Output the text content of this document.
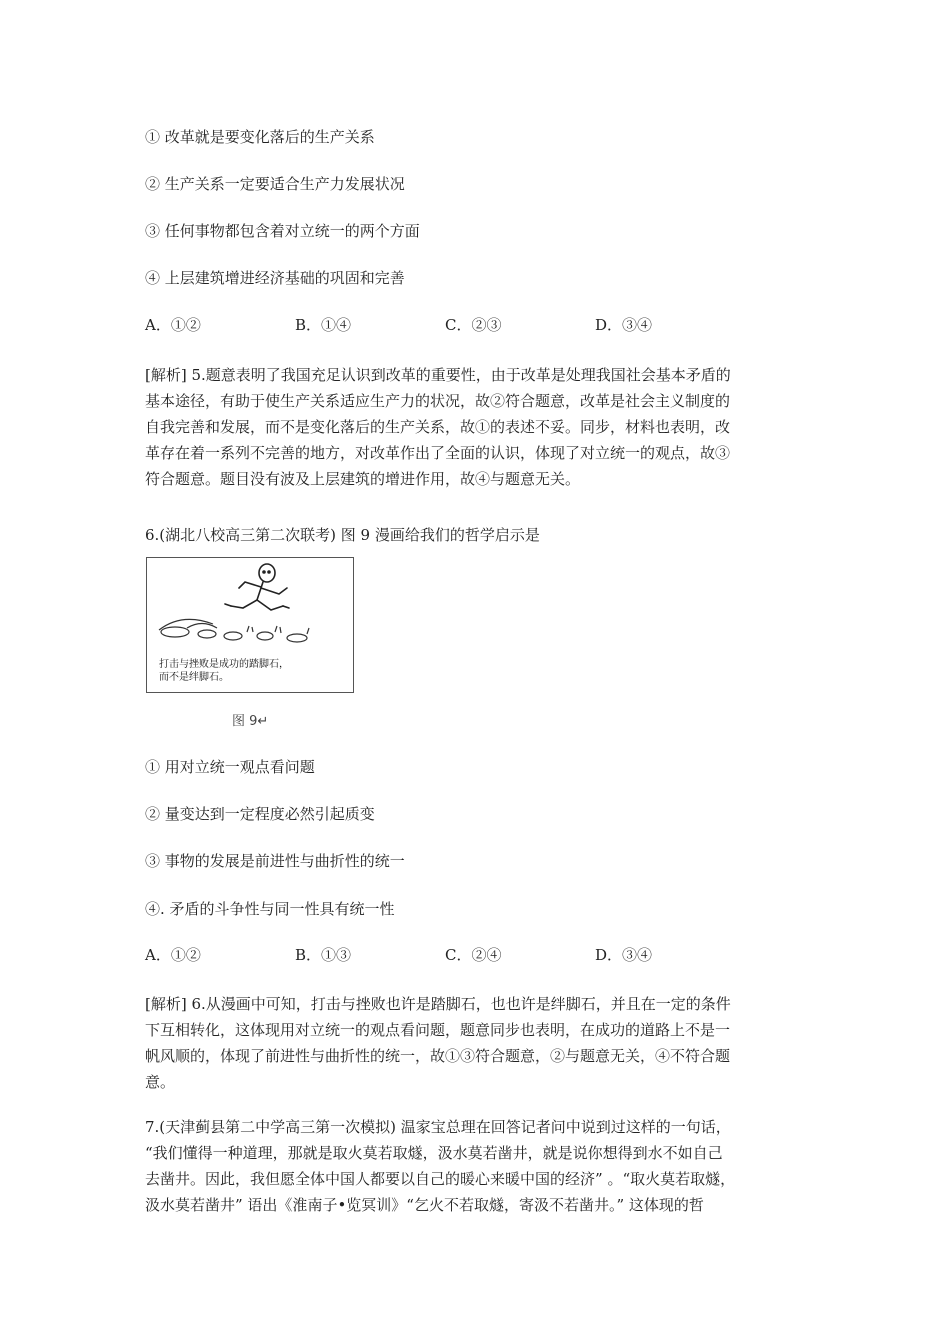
① 改革就是要变化落后的生产关系
② 生产关系一定要适合生产力发展状况
③ 任何事物都包含着对立统一的两个方面
④ 上层建筑增进经济基础的巩固和完善
A．①②	B．①④	C．②③	D．③④
[解析] 5.题意表明了我国充足认识到改革的重要性，由于改革是处理我国社会基本矛盾的
基本途径，有助于使生产关系适应生产力的状况，故②符合题意，改革是社会主义制度的
自我完善和发展，而不是变化落后的生产关系，故①的表述不妥。同步，材料也表明，改
革存在着一系列不完善的地方，对改革作出了全面的认识，体现了对立统一的观点，故③
符合题意。题目没有波及上层建筑的增进作用，故④与题意无关。
6.(湖北八校高三第二次联考) 图 9 漫画给我们的哲学启示是
打击与挫败是成功的踏脚石，
而不是绊脚石。
图 9↵
① 用对立统一观点看问题
② 量变达到一定程度必然引起质变
③ 事物的发展是前进性与曲折性的统一
④. 矛盾的斗争性与同一性具有统一性
A．①②	B．①③	C．②④	D．③④
[解析] 6.从漫画中可知，打击与挫败也许是踏脚石，也也许是绊脚石，并且在一定的条件
下互相转化，这体现用对立统一的观点看问题，题意同步也表明，在成功的道路上不是一
帆风顺的，体现了前进性与曲折性的统一，故①③符合题意，②与题意无关，④不符合题
意。
7.(天津蓟县第二中学高三第一次模拟) 温家宝总理在回答记者问中说到过这样的一句话，
“我们懂得一种道理，那就是取火莫若取燧，汲水莫若凿井，就是说你想得到水不如自己
去凿井。因此，我但愿全体中国人都要以自己的暖心来暖中国的经济” 。“取火莫若取燧，
汲水莫若凿井” 语出《淮南子•览冥训》“乞火不若取燧，寄汲不若凿井。” 这体现的哲
